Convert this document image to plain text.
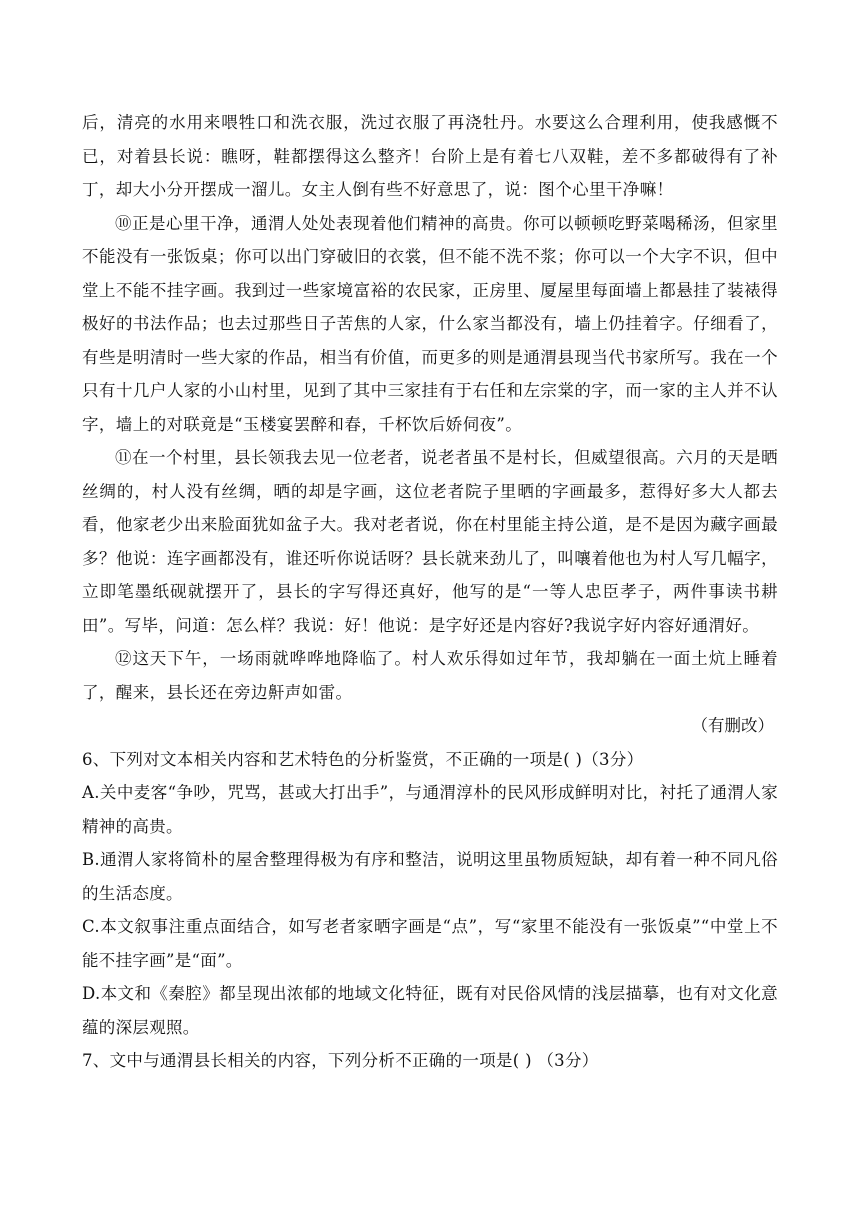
后，清亮的水用来喂牲口和洗衣服，洗过衣服了再浇牡丹。水要这么合理利用，使我感慨不已，对着县长说：瞧呀，鞋都摆得这么整齐！台阶上是有着七八双鞋，差不多都破得有了补丁，却大小分开摆成一溜儿。女主人倒有些不好意思了，说：图个心里干净嘛！

⑩正是心里干净，通渭人处处表现着他们精神的高贵。你可以顿顿吃野菜喝稀汤，但家里不能没有一张饭桌；你可以出门穿破旧的衣裳，但不能不洗不浆；你可以一个大字不识，但中堂上不能不挂字画。我到过一些家境富裕的农民家，正房里、厦屋里每面墙上都悬挂了装裱得极好的书法作品；也去过那些日子苦焦的人家，什么家当都没有，墙上仍挂着字。仔细看了，有些是明清时一些大家的作品，相当有价值，而更多的则是通渭县现当代书家所写。我在一个只有十几户人家的小山村里，见到了其中三家挂有于右任和左宗棠的字，而一家的主人并不认字，墙上的对联竟是“玉楼宴罢醉和春，千杯饮后娇伺夜”。

⑪在一个村里，县长领我去见一位老者，说老者虽不是村长，但威望很高。六月的天是晒丝绸的，村人没有丝绸，晒的却是字画，这位老者院子里晒的字画最多，惹得好多大人都去看，他家老少出来脸面犹如盆子大。我对老者说，你在村里能主持公道，是不是因为藏字画最多？他说：连字画都没有，谁还听你说话呀？县长就来劲儿了，叫嚷着他也为村人写几幅字，立即笔墨纸砚就摆开了，县长的字写得还真好，他写的是“一等人忠臣孝子，两件事读书耕田”。写毕，问道：怎么样？我说：好！他说：是字好还是内容好?我说字好内容好通渭好。

⑫这天下午，一场雨就哗哗地降临了。村人欢乐得如过年节，我却躺在一面土炕上睡着了，醒来，县长还在旁边鼾声如雷。

（有删改）

6、下列对文本相关内容和艺术特色的分析鉴赏，不正确的一项是( )（3分）

A.关中麦客“争吵，咒骂，甚或大打出手”，与通渭淳朴的民风形成鲜明对比，衬托了通渭人家精神的高贵。

B.通渭人家将简朴的屋舍整理得极为有序和整洁，说明这里虽物质短缺，却有着一种不同凡俗的生活态度。

C.本文叙事注重点面结合，如写老者家晒字画是“点”，写“家里不能没有一张饭桌”“中堂上不能不挂字画”是“面”。

D.本文和《秦腔》都呈现出浓郁的地域文化特征，既有对民俗风情的浅层描摹，也有对文化意蕴的深层观照。

7、文中与通渭县长相关的内容，下列分析不正确的一项是( ) （3分）
